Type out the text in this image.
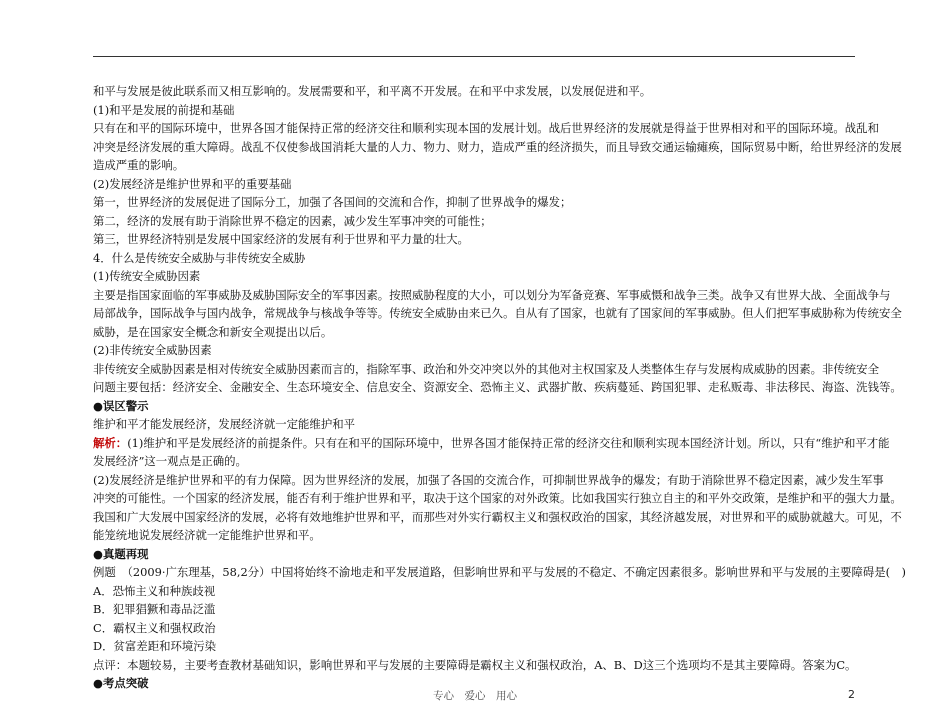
和平与发展是彼此联系而又相互影响的。发展需要和平，和平离不开发展。在和平中求发展，以发展促进和平。
(1)和平是发展的前提和基础
只有在和平的国际环境中，世界各国才能保持正常的经济交往和顺利实现本国的发展计划。战后世界经济的发展就是得益于世界相对和平的国际环境。战乱和
冲突是经济发展的重大障碍。战乱不仅使参战国消耗大量的人力、物力、财力，造成严重的经济损失，而且导致交通运输瘫痪，国际贸易中断，给世界经济的发展
造成严重的影响。
(2)发展经济是维护世界和平的重要基础
第一，世界经济的发展促进了国际分工，加强了各国间的交流和合作，抑制了世界战争的爆发；
第二，经济的发展有助于消除世界不稳定的因素，减少发生军事冲突的可能性；
第三，世界经济特别是发展中国家经济的发展有利于世界和平力量的壮大。
4．什么是传统安全威胁与非传统安全威胁
(1)传统安全威胁因素
主要是指国家面临的军事威胁及威胁国际安全的军事因素。按照威胁程度的大小，可以划分为军备竞赛、军事威慑和战争三类。战争又有世界大战、全面战争与
局部战争，国际战争与国内战争，常规战争与核战争等等。传统安全威胁由来已久。自从有了国家，也就有了国家间的军事威胁。但人们把军事威胁称为传统安全
威胁，是在国家安全概念和新安全观提出以后。
(2)非传统安全威胁因素
非传统安全威胁因素是相对传统安全威胁因素而言的，指除军事、政治和外交冲突以外的其他对主权国家及人类整体生存与发展构成威胁的因素。非传统安全
问题主要包括：经济安全、金融安全、生态环境安全、信息安全、资源安全、恐怖主义、武器扩散、疾病蔓延、跨国犯罪、走私贩毒、非法移民、海盗、洗钱等。
●误区警示
维护和平才能发展经济，发展经济就一定能维护和平
解析：(1)维护和平是发展经济的前提条件。只有在和平的国际环境中，世界各国才能保持正常的经济交往和顺利实现本国经济计划。所以，只有“维护和平才能
发展经济”这一观点是正确的。
(2)发展经济是维护世界和平的有力保障。因为世界经济的发展，加强了各国的交流合作，可抑制世界战争的爆发；有助于消除世界不稳定因素，减少发生军事
冲突的可能性。一个国家的经济发展，能否有利于维护世界和平，取决于这个国家的对外政策。比如我国实行独立自主的和平外交政策，是维护和平的强大力量。
我国和广大发展中国家经济的发展，必将有效地维护世界和平，而那些对外实行霸权主义和强权政治的国家，其经济越发展，对世界和平的威胁就越大。可见，不
能笼统地说发展经济就一定能维护世界和平。
●真题再现
例题　（2009·广东理基，58,2分）中国将始终不渝地走和平发展道路，但影响世界和平与发展的不稳定、不确定因素很多。影响世界和平与发展的主要障碍是(　)
A．恐怖主义和种族歧视
B．犯罪猖獗和毒品泛滥
C．霸权主义和强权政治
D．贫富差距和环境污染
点评：本题较易，主要考查教材基础知识，影响世界和平与发展的主要障碍是霸权主义和强权政治，A、B、D这三个选项均不是其主要障碍。答案为C。
●考点突破
专心　爱心　用心	2
